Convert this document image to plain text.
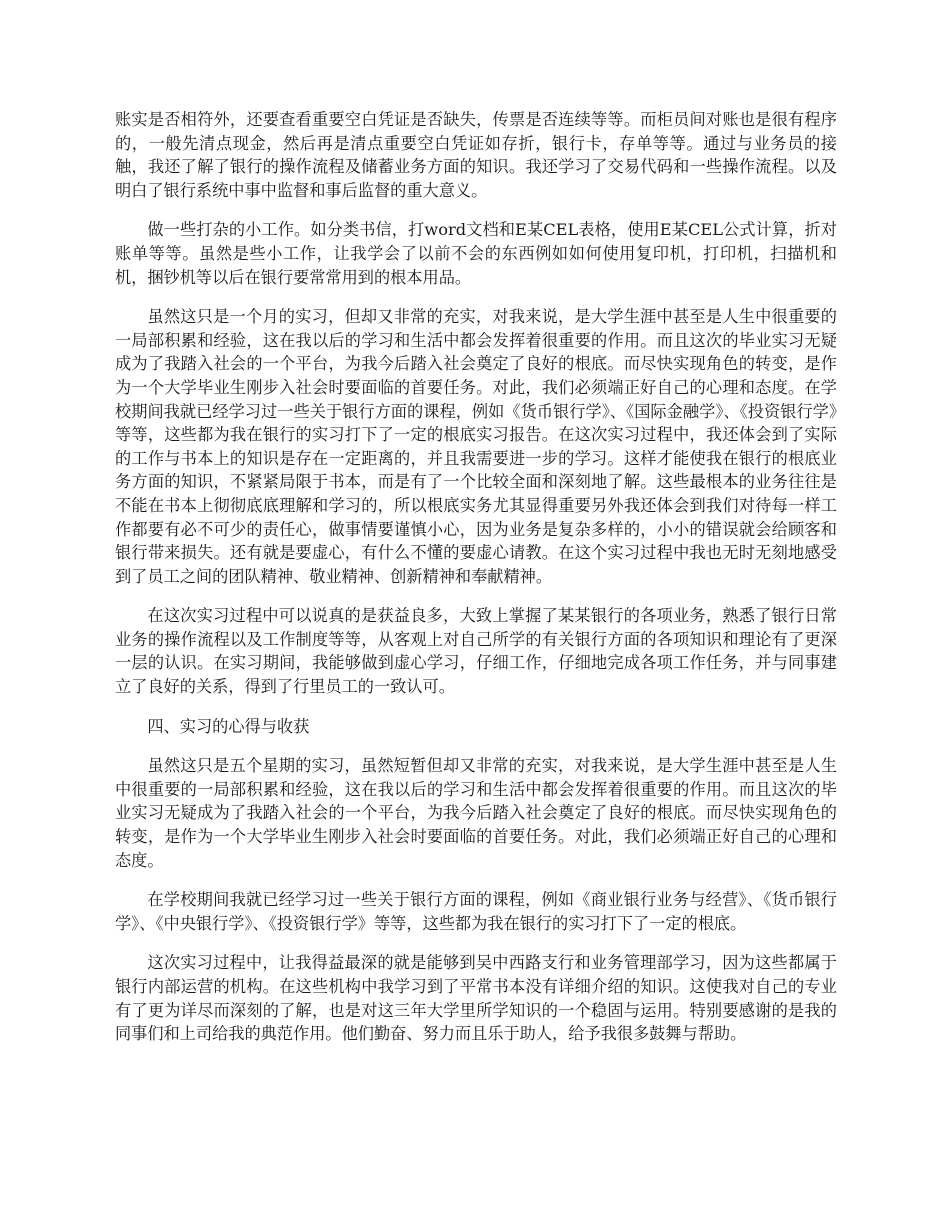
账实是否相符外，还要查看重要空白凭证是否缺失，传票是否连续等等。而柜员间对账也是很有程序的，一般先清点现金，然后再是清点重要空白凭证如存折，银行卡，存单等等。通过与业务员的接触，我还了解了银行的操作流程及储蓄业务方面的知识。我还学习了交易代码和一些操作流程。以及明白了银行系统中事中监督和事后监督的重大意义。

做一些打杂的小工作。如分类书信，打word文档和E某CEL表格，使用E某CEL公式计算，折对账单等等。虽然是些小工作，让我学会了以前不会的东西例如如何使用复印机，打印机，扫描机和 机，捆钞机等以后在银行要常常用到的根本用品。

虽然这只是一个月的实习，但却又非常的充实，对我来说，是大学生涯中甚至是人生中很重要的一局部积累和经验，这在我以后的学习和生活中都会发挥着很重要的作用。而且这次的毕业实习无疑成为了我踏入社会的一个平台，为我今后踏入社会奠定了良好的根底。而尽快实现角色的转变，是作为一个大学毕业生刚步入社会时要面临的首要任务。对此，我们必须端正好自己的心理和态度。在学校期间我就已经学习过一些关于银行方面的课程，例如《货币银行学》、《国际金融学》、《投资银行学》等等，这些都为我在银行的实习打下了一定的根底实习报告。在这次实习过程中，我还体会到了实际的工作与书本上的知识是存在一定距离的，并且我需要进一步的学习。这样才能使我在银行的根底业务方面的知识，不紧紧局限于书本，而是有了一个比较全面和深刻地了解。这些最根本的业务往往是不能在书本上彻彻底底理解和学习的，所以根底实务尤其显得重要另外我还体会到我们对待每一样工作都要有必不可少的责任心，做事情要谨慎小心，因为业务是复杂多样的，小小的错误就会给顾客和银行带来损失。还有就是要虚心，有什么不懂的要虚心请教。在这个实习过程中我也无时无刻地感受到了员工之间的团队精神、敬业精神、创新精神和奉献精神。

在这次实习过程中可以说真的是获益良多，大致上掌握了某某银行的各项业务，熟悉了银行日常业务的操作流程以及工作制度等等，从客观上对自己所学的有关银行方面的各项知识和理论有了更深一层的认识。在实习期间，我能够做到虚心学习，仔细工作，仔细地完成各项工作任务，并与同事建立了良好的关系，得到了行里员工的一致认可。

四、实习的心得与收获

虽然这只是五个星期的实习，虽然短暂但却又非常的充实，对我来说，是大学生涯中甚至是人生中很重要的一局部积累和经验，这在我以后的学习和生活中都会发挥着很重要的作用。而且这次的毕业实习无疑成为了我踏入社会的一个平台，为我今后踏入社会奠定了良好的根底。而尽快实现角色的转变，是作为一个大学毕业生刚步入社会时要面临的首要任务。对此，我们必须端正好自己的心理和态度。

在学校期间我就已经学习过一些关于银行方面的课程，例如《商业银行业务与经营》、《货币银行学》、《中央银行学》、《投资银行学》等等，这些都为我在银行的实习打下了一定的根底。

这次实习过程中，让我得益最深的就是能够到吴中西路支行和业务管理部学习，因为这些都属于银行内部运营的机构。在这些机构中我学习到了平常书本没有详细介绍的知识。这使我对自己的专业有了更为详尽而深刻的了解，也是对这三年大学里所学知识的一个稳固与运用。特别要感谢的是我的同事们和上司给我的典范作用。他们勤奋、努力而且乐于助人，给予我很多鼓舞与帮助。
